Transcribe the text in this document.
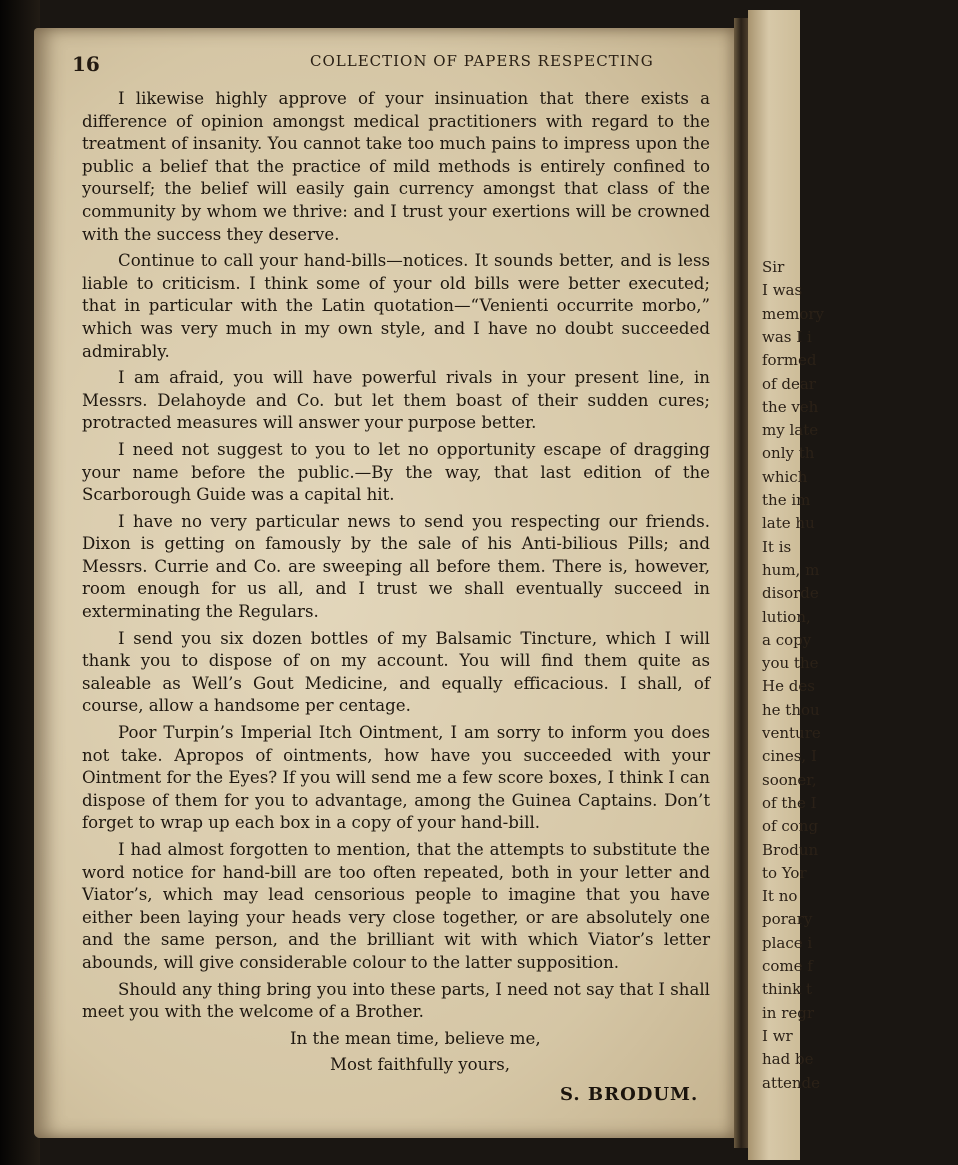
16	COLLECTION OF PAPERS RESPECTING

I likewise highly approve of your insinuation that there exists a difference of opinion amongst medical practitioners with regard to the treatment of insanity. You cannot take too much pains to impress upon the public a belief that the practice of mild methods is entirely confined to yourself; the belief will easily gain currency amongst that class of the community by whom we thrive: and I trust your exertions will be crowned with the success they deserve.

Continue to call your hand-bills—notices. It sounds better, and is less liable to criticism. I think some of your old bills were better executed; that in particular with the Latin quotation—“Venienti occurrite morbo,” which was very much in my own style, and I have no doubt succeeded admirably.

I am afraid, you will have powerful rivals in your present line, in Messrs. Delahoyde and Co. but let them boast of their sudden cures; protracted measures will answer your purpose better.

I need not suggest to you to let no opportunity escape of dragging your name before the public.—By the way, that last edition of the Scarborough Guide was a capital hit.

I have no very particular news to send you respecting our friends. Dixon is getting on famously by the sale of his Anti-bilious Pills; and Messrs. Currie and Co. are sweeping all before them. There is, however, room enough for us all, and I trust we shall eventually succeed in exterminating the Regulars.

I send you six dozen bottles of my Balsamic Tincture, which I will thank you to dispose of on my account. You will find them quite as saleable as Well’s Gout Medicine, and equally efficacious. I shall, of course, allow a handsome per centage.

Poor Turpin’s Imperial Itch Ointment, I am sorry to inform you does not take. Apropos of ointments, how have you succeeded with your Ointment for the Eyes? If you will send me a few score boxes, I think I can dispose of them for you to advantage, among the Guinea Captains. Don’t forget to wrap up each box in a copy of your hand-bill.

I had almost forgotten to mention, that the attempts to substitute the word notice for hand-bill are too often repeated, both in your letter and Viator’s, which may lead censorious people to imagine that you have either been laying your heads very close together, or are absolutely one and the same person, and the brilliant wit with which Viator’s letter abounds, will give considerable colour to the latter supposition.

Should any thing bring you into these parts, I need not say that I shall meet you with the welcome of a Brother.

In the mean time, believe me,
Most faithfully yours,
S. BRODUM.
Sir
I was
memory
was I i
formed
of dear
the veh
my late
only th
which
the im
late hu
It is
hum, m
disorde
lution,
a copy
you the
He des
he thou
venture
cines, I
sooner,
of the I
of cong
Brodun
to Yor
It no
porary
place i
come f
think t
in regr
I wr
had be
attende
